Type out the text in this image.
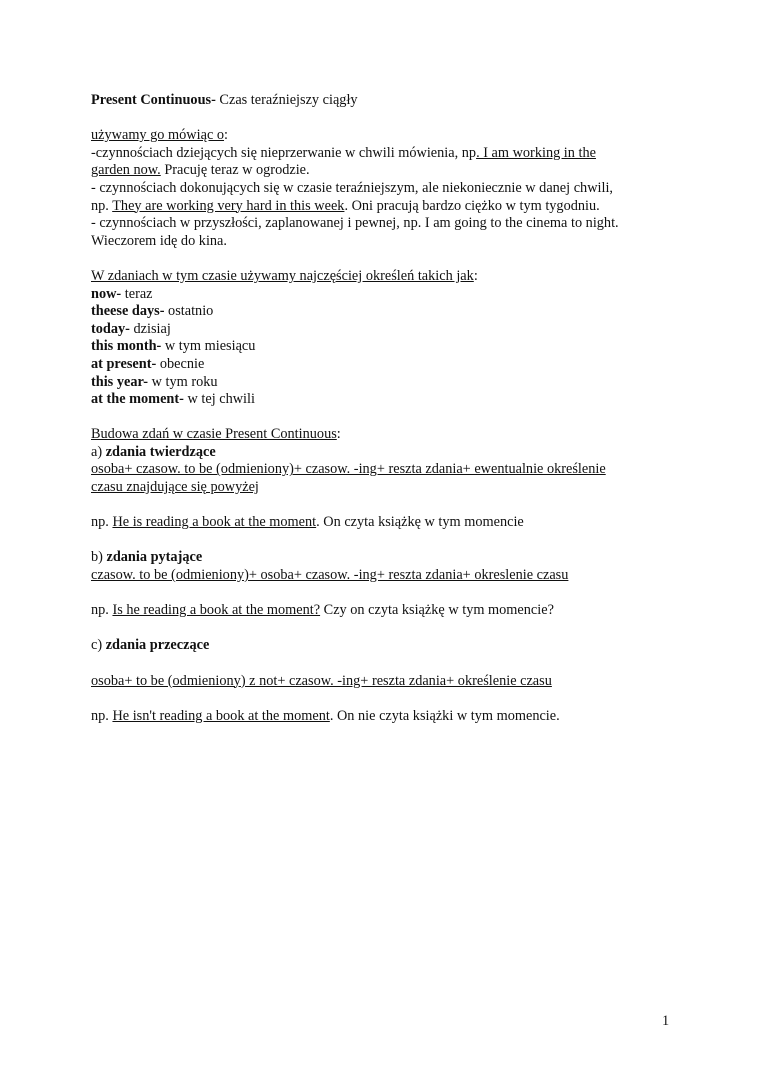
Present Continuous- Czas teraźniejszy ciągły
używamy go mówiąc o:
-czynnościach dziejących się nieprzerwanie w chwili mówienia, np. I am working in the
garden now. Pracuję teraz w ogrodzie.
- czynnościach dokonujących się w czasie teraźniejszym, ale niekoniecznie w danej chwili,
np. They are working very hard in this week. Oni pracują bardzo ciężko w tym tygodniu.
- czynnościach w przyszłości, zaplanowanej i pewnej, np. I am going to the cinema to night.
Wieczorem idę do kina.
W zdaniach w tym czasie używamy najczęściej określeń takich jak:
now- teraz
theese days- ostatnio
today- dzisiaj
this month- w tym miesiącu
at present- obecnie
this year- w tym roku
at the moment- w tej chwili
Budowa zdań w czasie Present Continuous:
a) zdania twierdzące
osoba+ czasow. to be (odmieniony)+ czasow. -ing+ reszta zdania+ ewentualnie określenie
czasu znajdujące się powyżej
np. He is reading a book at the moment. On czyta książkę w tym momencie
b) zdania pytające
czasow. to be (odmieniony)+ osoba+ czasow. -ing+ reszta zdania+ okreslenie czasu
np. Is he reading a book at the moment? Czy on czyta książkę w tym momencie?
c) zdania przeczące
osoba+ to be (odmieniony) z not+ czasow. -ing+ reszta zdania+ określenie czasu
np. He isn't reading a book at the moment. On nie czyta książki w tym momencie.
1
